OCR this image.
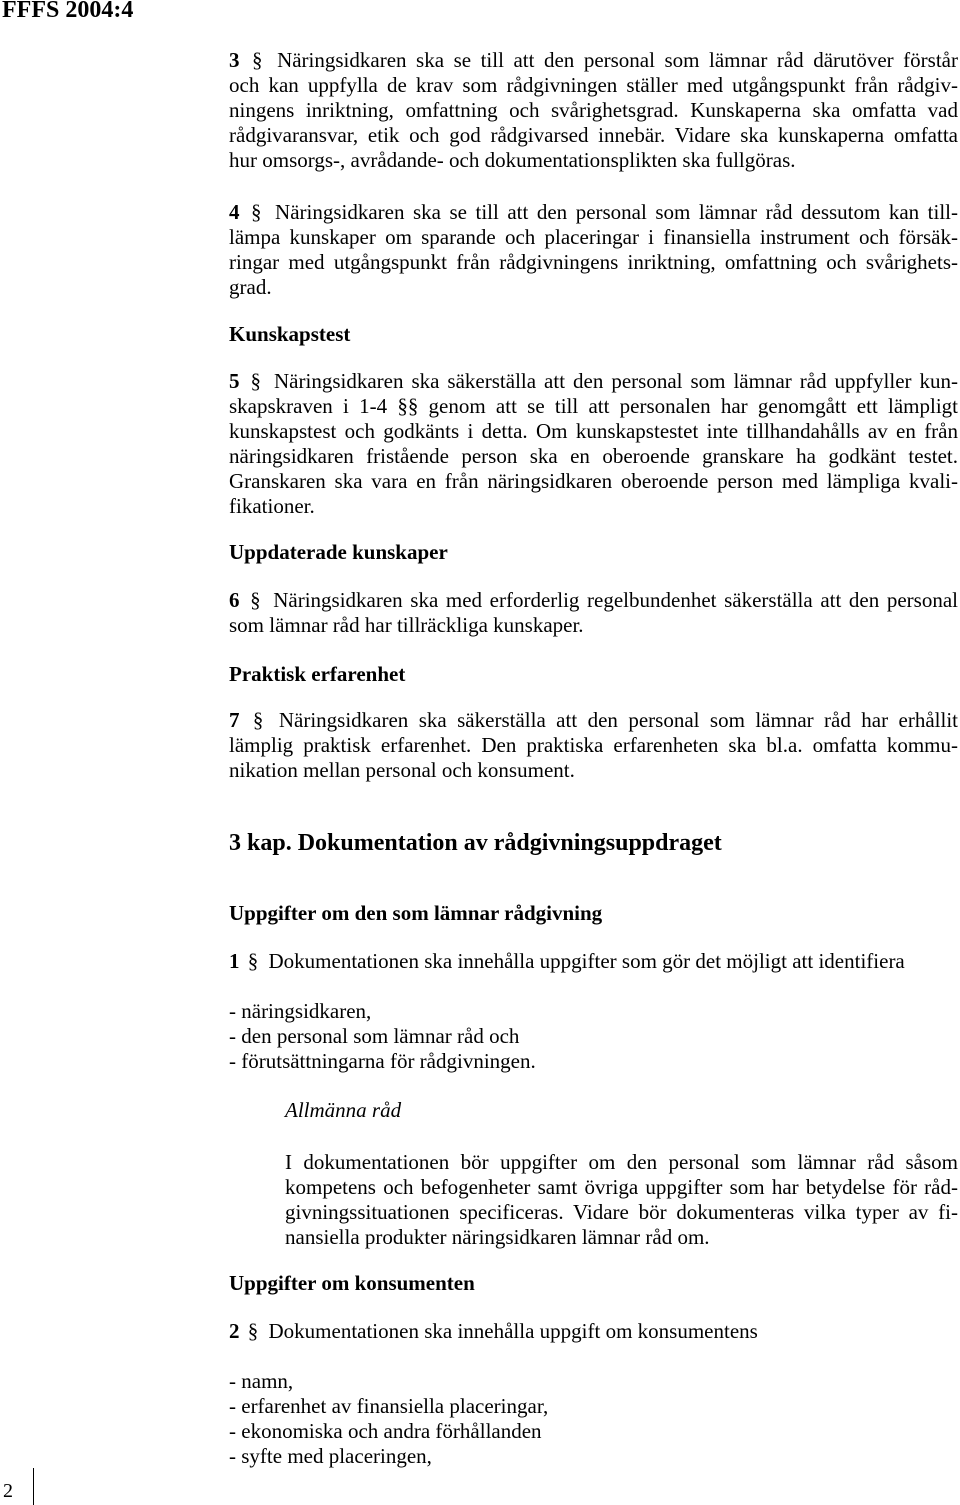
FFFS 2004:4
3 § Näringsidkaren ska se till att den personal som lämnar råd därutöver förstår
och kan uppfylla de krav som rådgivningen ställer med utgångspunkt från rådgiv-
ningens inriktning, omfattning och svårighetsgrad. Kunskaperna ska omfatta vad
rådgivaransvar, etik och god rådgivarsed innebär. Vidare ska kunskaperna omfatta
hur omsorgs-, avrådande- och dokumentationsplikten ska fullgöras.
4 § Näringsidkaren ska se till att den personal som lämnar råd dessutom kan till-
lämpa kunskaper om sparande och placeringar i finansiella instrument och försäk-
ringar med utgångspunkt från rådgivningens inriktning, omfattning och svårighets-
grad.
Kunskapstest
5 § Näringsidkaren ska säkerställa att den personal som lämnar råd uppfyller kun-
skapskraven i 1-4 §§ genom att se till att personalen har genomgått ett lämpligt
kunskapstest och godkänts i detta. Om kunskapstestet inte tillhandahålls av en från
näringsidkaren fristående person ska en oberoende granskare ha godkänt testet.
Granskaren ska vara en från näringsidkaren oberoende person med lämpliga kvali-
fikationer.
Uppdaterade kunskaper
6 § Näringsidkaren ska med erforderlig regelbundenhet säkerställa att den personal
som lämnar råd har tillräckliga kunskaper.
Praktisk erfarenhet
7 § Näringsidkaren ska säkerställa att den personal som lämnar råd har erhållit
lämplig praktisk erfarenhet. Den praktiska erfarenheten ska bl.a. omfatta kommu-
nikation mellan personal och konsument.
3 kap. Dokumentation av rådgivningsuppdraget
Uppgifter om den som lämnar rådgivning
1 § Dokumentationen ska innehålla uppgifter som gör det möjligt att identifiera
- näringsidkaren,
- den personal som lämnar råd och
- förutsättningarna för rådgivningen.
Allmänna råd
I dokumentationen bör uppgifter om den personal som lämnar råd såsom
kompetens och befogenheter samt övriga uppgifter som har betydelse för råd-
givningssituationen specificeras. Vidare bör dokumenteras vilka typer av fi-
nansiella produkter näringsidkaren lämnar råd om.
Uppgifter om konsumenten
2 § Dokumentationen ska innehålla uppgift om konsumentens
- namn,
- erfarenhet av finansiella placeringar,
- ekonomiska och andra förhållanden
- syfte med placeringen,
2
